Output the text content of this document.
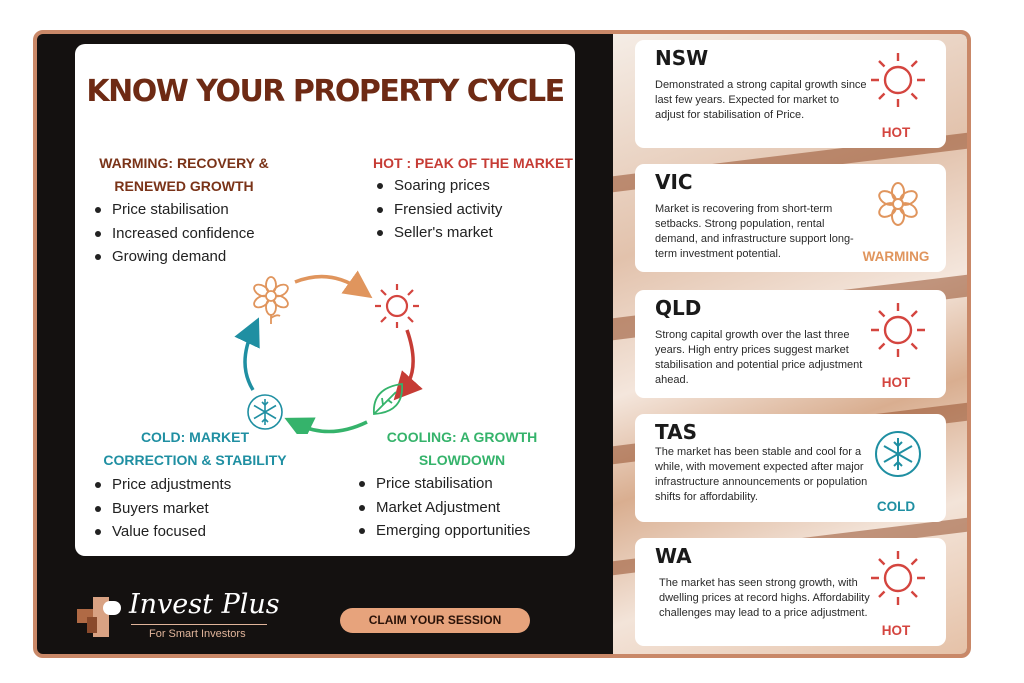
KNOW YOUR PROPERTY CYCLE
WARMING: RECOVERY &
RENEWED GROWTH
Price stabilisation
Increased confidence
Growing demand
HOT : PEAK OF THE MARKET
Soaring prices
Frensied activity
Seller's market
COLD: MARKET
CORRECTION & STABILITY
Price adjustments
Buyers market
Value focused
COOLING: A GROWTH
SLOWDOWN
Price stabilisation
Market Adjustment
Emerging opportunities
Invest Plus
For Smart Investors
CLAIM YOUR SESSION
NSW
Demonstrated a strong capital growth since last few years. Expected for market to adjust for stabilisation of Price.
HOT
VIC
Market is recovering from short-term setbacks. Strong population, rental demand, and infrastructure support long-term investment potential.	WARMING
QLD
Strong capital growth over the last three years. High entry prices suggest market stabilisation and potential price adjustment ahead.	HOT
TAS
The market has been stable and cool for a while, with movement expected after major infrastructure announcements or population shifts for affordability.
COLD
WA
The market has seen strong growth, with dwelling prices at record highs. Affordability challenges may lead to a price adjustment.
HOT
